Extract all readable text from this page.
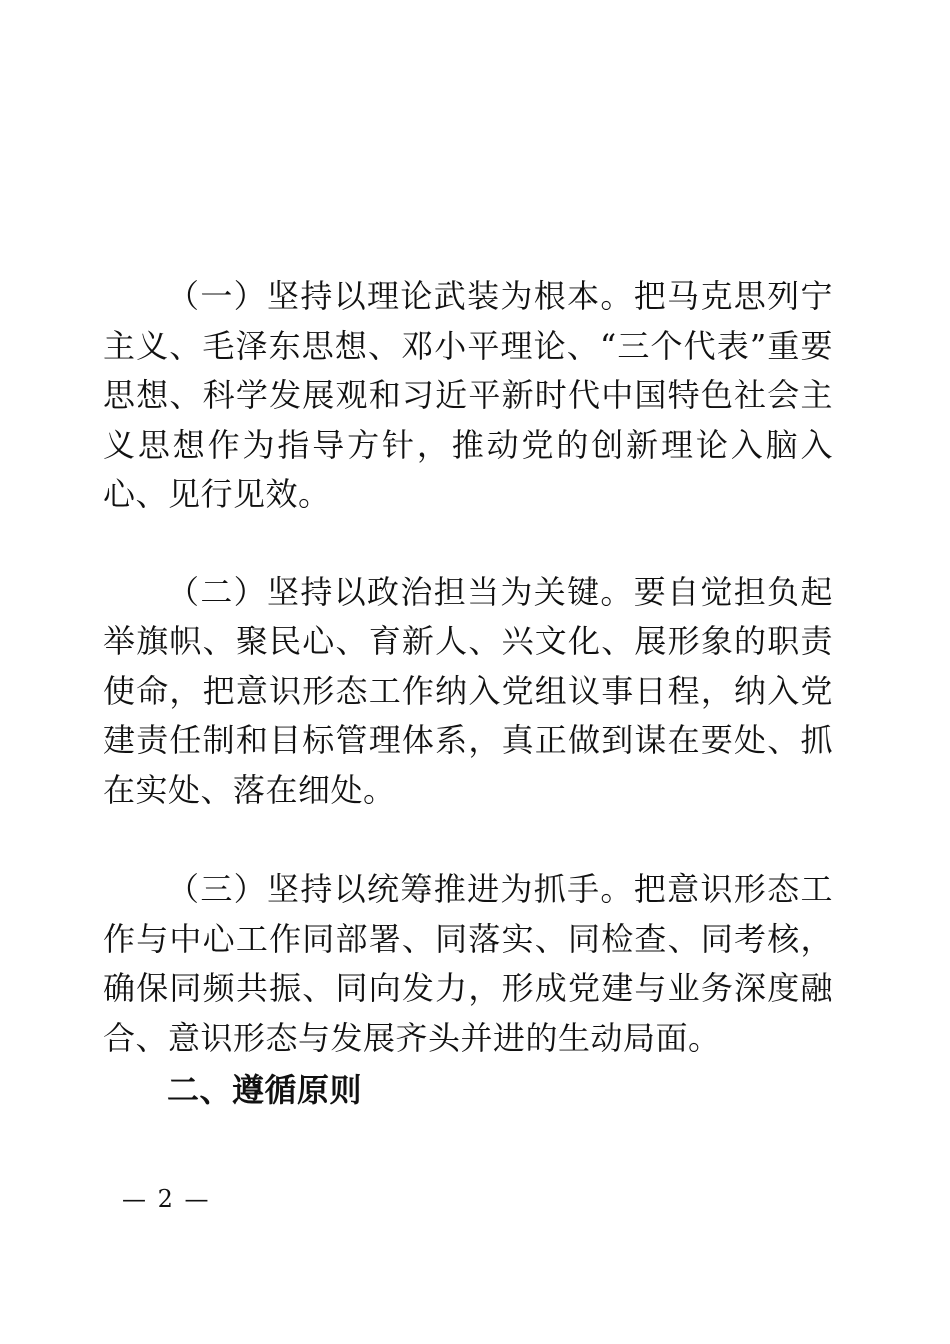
（一）坚持以理论武装为根本。把马克思列宁主义、毛泽东思想、邓小平理论、“三个代表”重要思想、科学发展观和习近平新时代中国特色社会主义思想作为指导方针，推动党的创新理论入脑入心、见行见效。

（二）坚持以政治担当为关键。要自觉担负起举旗帜、聚民心、育新人、兴文化、展形象的职责使命，把意识形态工作纳入党组议事日程，纳入党建责任制和目标管理体系，真正做到谋在要处、抓在实处、落在细处。

（三）坚持以统筹推进为抓手。把意识形态工作与中心工作同部署、同落实、同检查、同考核，确保同频共振、同向发力，形成党建与业务深度融合、意识形态与发展齐头并进的生动局面。

二、遵循原则

— 2 —
